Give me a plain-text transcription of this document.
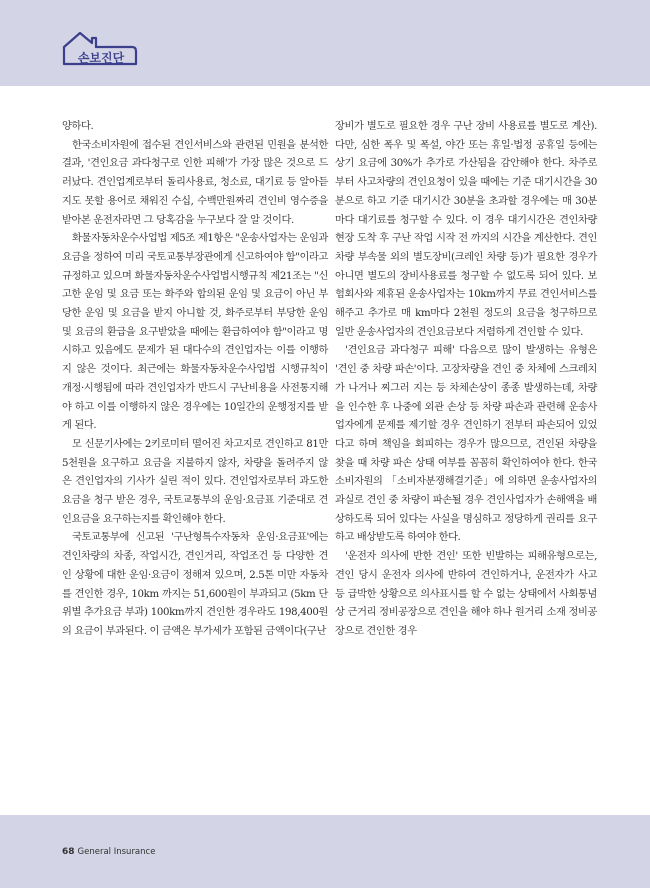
손보진단

양하다.

한국소비자원에 접수된 견인서비스와 관련된 민원을 분석한 결과, '견인요금 과다청구로 인한 피해'가 가장 많은 것으로 드러났다. 견인업계로부터 돌리사용료, 청소료, 대기료 등 알아듣지도 못할 용어로 채워진 수십, 수백만원짜리 견인비 영수증을 받아본 운전자라면 그 당혹감을 누구보다 잘 알 것이다.

화물자동차운수사업법 제5조 제1항은 "운송사업자는 운임과 요금을 정하여 미리 국토교통부장관에게 신고하여야 함"이라고 규정하고 있으며 화물자동차운수사업법시행규칙 제21조는 "신고한 운임 및 요금 또는 화주와 합의된 운임 및 요금이 아닌 부당한 운임 및 요금을 받지 아니할 것, 화주로부터 부당한 운임 및 요금의 환급을 요구받았을 때에는 환급하여야 함"이라고 명시하고 있음에도 문제가 된 대다수의 견인업자는 이를 이행하지 않은 것이다. 최근에는 화물자동차운수사업법 시행규칙이 개정·시행됨에 따라 견인업자가 반드시 구난비용을 사전통지해야 하고 이를 이행하지 않은 경우에는 10일간의 운행정지를 받게 된다.

모 신문기사에는 2키로미터 떨어진 차고지로 견인하고 81만 5천원을 요구하고 요금을 지불하지 않자, 차량을 돌려주지 않은 견인업자의 기사가 실린 적이 있다. 견인업자로부터 과도한 요금을 청구 받은 경우, 국토교통부의 운임·요금표 기준대로 견인요금을 요구하는지를 확인해야 한다.

국토교통부에 신고된 '구난형특수자동차 운임·요금표'에는 견인차량의 차종, 작업시간, 견인거리, 작업조건 등 다양한 견인 상황에 대한 운임·요금이 정해져 있으며, 2.5톤 미만 자동차를 견인한 경우, 10km 까지는 51,600원이 부과되고 (5km 단위별 추가요금 부과) 100km까지 견인한 경우라도 198,400원의 요금이 부과된다. 이 금액은 부가세가 포함된 금액이다(구난

장비가 별도로 필요한 경우 구난 장비 사용료를 별도로 계산). 다만, 심한 폭우 및 폭설, 야간 또는 휴일·법정 공휴일 등에는 상기 요금에 30%가 추가로 가산됨을 감안해야 한다. 차주로부터 사고차량의 견인요청이 있을 때에는 기준 대기시간을 30분으로 하고 기준 대기시간 30분을 초과할 경우에는 매 30분마다 대기료를 청구할 수 있다. 이 경우 대기시간은 견인차량 현장 도착 후 구난 작업 시작 전 까지의 시간을 계산한다. 견인차량 부속물 외의 별도장비(크레인 차량 등)가 필요한 경우가 아니면 별도의 장비사용료를 청구할 수 없도록 되어 있다. 보험회사와 제휴된 운송사업자는 10km까지 무료 견인서비스를 해주고 추가로 매 km마다 2천원 정도의 요금을 청구하므로 일반 운송사업자의 견인요금보다 저렴하게 견인할 수 있다.

'견인요금 과다청구 피해' 다음으로 많이 발생하는 유형은 '견인 중 차량 파손'이다. 고장차량을 견인 중 차체에 스크레치가 나거나 찌그러 지는 등 차체손상이 종종 발생하는데, 차량을 인수한 후 나중에 외관 손상 등 차량 파손과 관련해 운송사업자에게 문제를 제기할 경우 견인하기 전부터 파손되어 있었다고 하며 책임을 회피하는 경우가 많으므로, 견인된 차량을 찾을 때 차량 파손 상태 여부를 꼼꼼히 확인하여야 한다. 한국소비자원의 「소비자분쟁해결기준」에 의하면 운송사업자의 과실로 견인 중 차량이 파손될 경우 견인사업자가 손해액을 배상하도록 되어 있다는 사실을 명심하고 정당하게 권리를 요구하고 배상받도록 하여야 한다.

'운전자 의사에 반한 견인' 또한 빈발하는 피해유형으로는, 견인 당시 운전자 의사에 반하여 견인하거나, 운전자가 사고 등 급박한 상황으로 의사표시를 할 수 없는 상태에서 사회통념상 근거리 정비공장으로 견인을 해야 하나 원거리 소재 정비공장으로 견인한 경우

68 General Insurance
